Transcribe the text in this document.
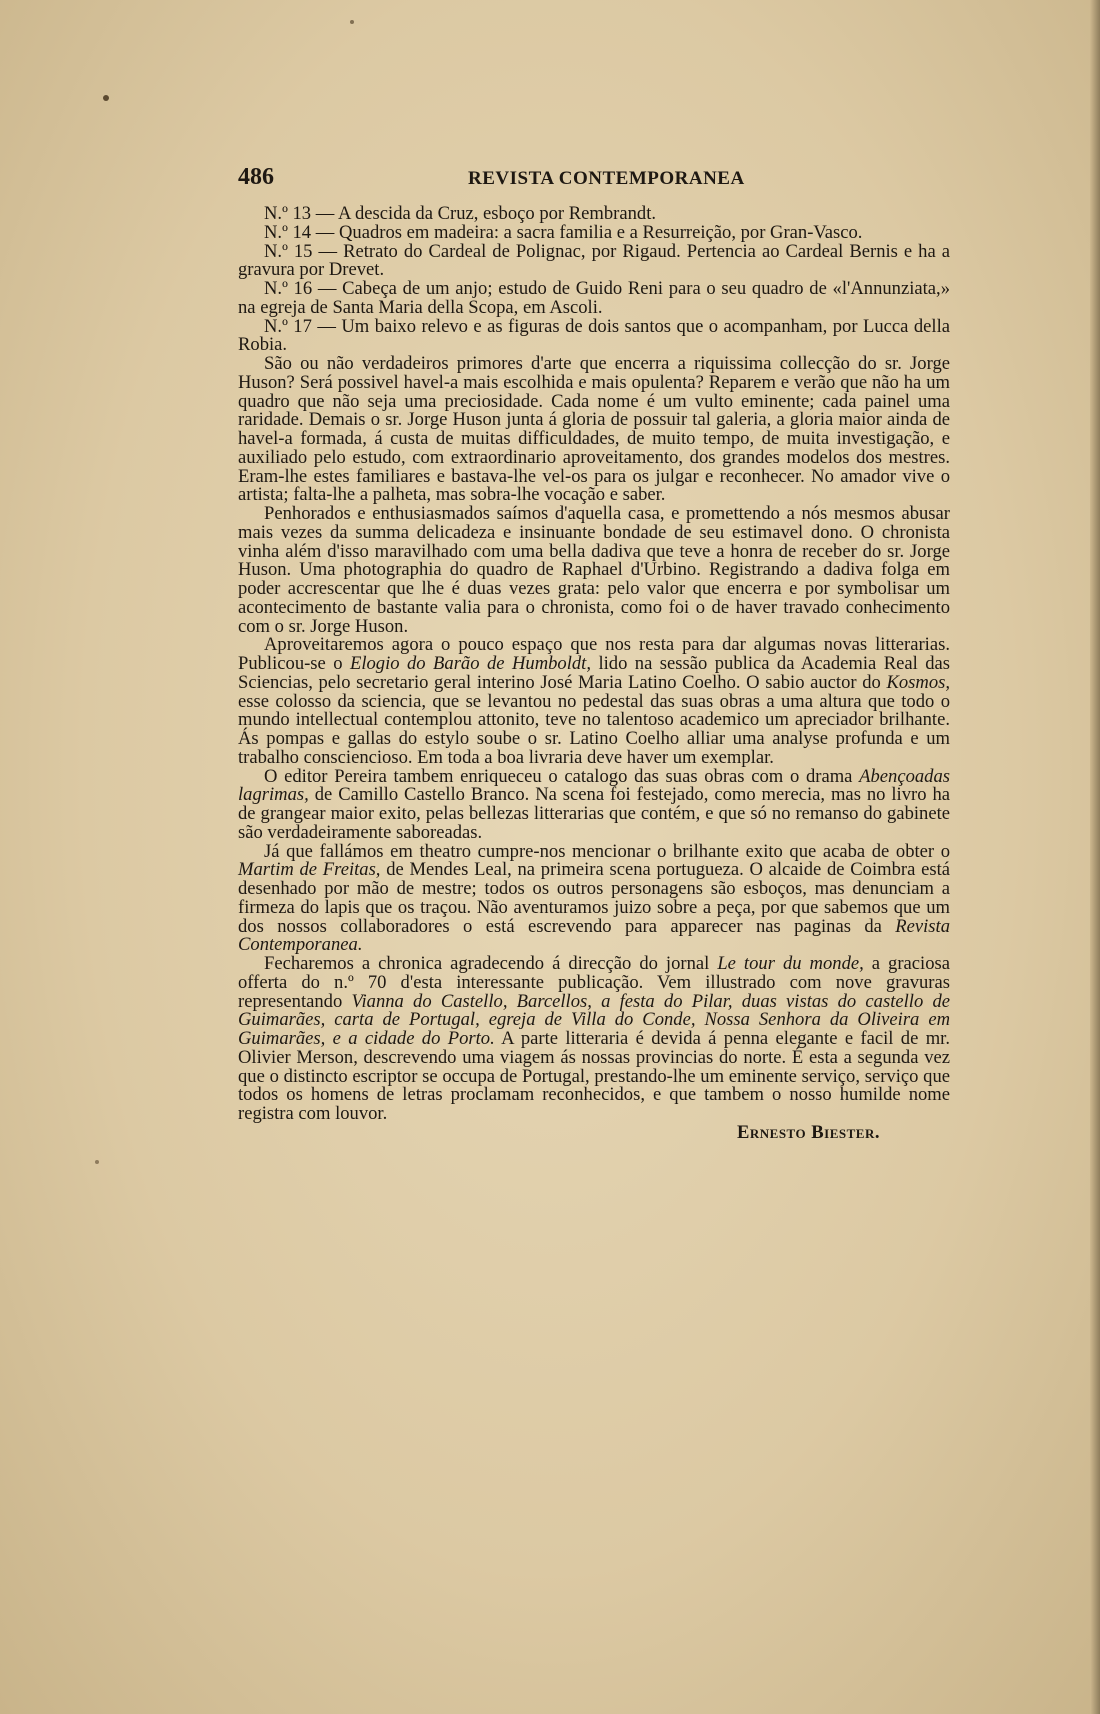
486	REVISTA CONTEMPORANEA

N.º 13 — A descida da Cruz, esboço por Rembrandt.

N.º 14 — Quadros em madeira: a sacra familia e a Resurreição, por Gran-Vasco.

N.º 15 — Retrato do Cardeal de Polignac, por Rigaud. Pertencia ao Cardeal Bernis e ha a gravura por Drevet.

N.º 16 — Cabeça de um anjo; estudo de Guido Reni para o seu quadro de «l'Annunziata,» na egreja de Santa Maria della Scopa, em Ascoli.

N.º 17 — Um baixo relevo e as figuras de dois santos que o acompanham, por Lucca della Robia.

São ou não verdadeiros primores d'arte que encerra a riquissima collecção do sr. Jorge Huson? Será possivel havel-a mais escolhida e mais opulenta? Reparem e verão que não ha um quadro que não seja uma preciosidade. Cada nome é um vulto eminente; cada painel uma raridade. Demais o sr. Jorge Huson junta á gloria de possuir tal galeria, a gloria maior ainda de havel-a formada, á custa de muitas difficuldades, de muito tempo, de muita investigação, e auxiliado pelo estudo, com extraordinario aproveitamento, dos grandes modelos dos mestres. Eram-lhe estes familiares e bastava-lhe vel-os para os julgar e reconhecer. No amador vive o artista; falta-lhe a palheta, mas sobra-lhe vocação e saber.

Penhorados e enthusiasmados saímos d'aquella casa, e promettendo a nós mesmos abusar mais vezes da summa delicadeza e insinuante bondade de seu estimavel dono. O chronista vinha além d'isso maravilhado com uma bella dadiva que teve a honra de receber do sr. Jorge Huson. Uma photographia do quadro de Raphael d'Urbino. Registrando a dadiva folga em poder accrescentar que lhe é duas vezes grata: pelo valor que encerra e por symbolisar um acontecimento de bastante valia para o chronista, como foi o de haver travado conhecimento com o sr. Jorge Huson.

Aproveitaremos agora o pouco espaço que nos resta para dar algumas novas litterarias. Publicou-se o Elogio do Barão de Humboldt, lido na sessão publica da Academia Real das Sciencias, pelo secretario geral interino José Maria Latino Coelho. O sabio auctor do Kosmos, esse colosso da sciencia, que se levantou no pedestal das suas obras a uma altura que todo o mundo intellectual contemplou attonito, teve no talentoso academico um apreciador brilhante. Ás pompas e gallas do estylo soube o sr. Latino Coelho alliar uma analyse profunda e um trabalho consciencioso. Em toda a boa livraria deve haver um exemplar.

O editor Pereira tambem enriqueceu o catalogo das suas obras com o drama Abençoadas lagrimas, de Camillo Castello Branco. Na scena foi festejado, como merecia, mas no livro ha de grangear maior exito, pelas bellezas litterarias que contém, e que só no remanso do gabinete são verdadeiramente saboreadas.

Já que fallámos em theatro cumpre-nos mencionar o brilhante exito que acaba de obter o Martim de Freitas, de Mendes Leal, na primeira scena portugueza. O alcaide de Coimbra está desenhado por mão de mestre; todos os outros personagens são esboços, mas denunciam a firmeza do lapis que os traçou. Não aventuramos juizo sobre a peça, por que sabemos que um dos nossos collaboradores o está escrevendo para apparecer nas paginas da Revista Contemporanea.

Fecharemos a chronica agradecendo á direcção do jornal Le tour du monde, a graciosa offerta do n.º 70 d'esta interessante publicação. Vem illustrado com nove gravuras representando Vianna do Castello, Barcellos, a festa do Pilar, duas vistas do castello de Guimarães, carta de Portugal, egreja de Villa do Conde, Nossa Senhora da Oliveira em Guimarães, e a cidade do Porto. A parte litteraria é devida á penna elegante e facil de mr. Olivier Merson, descrevendo uma viagem ás nossas provincias do norte. É esta a segunda vez que o distincto escriptor se occupa de Portugal, prestando-lhe um eminente serviço, serviço que todos os homens de letras proclamam reconhecidos, e que tambem o nosso humilde nome registra com louvor.

Ernesto Biester.
